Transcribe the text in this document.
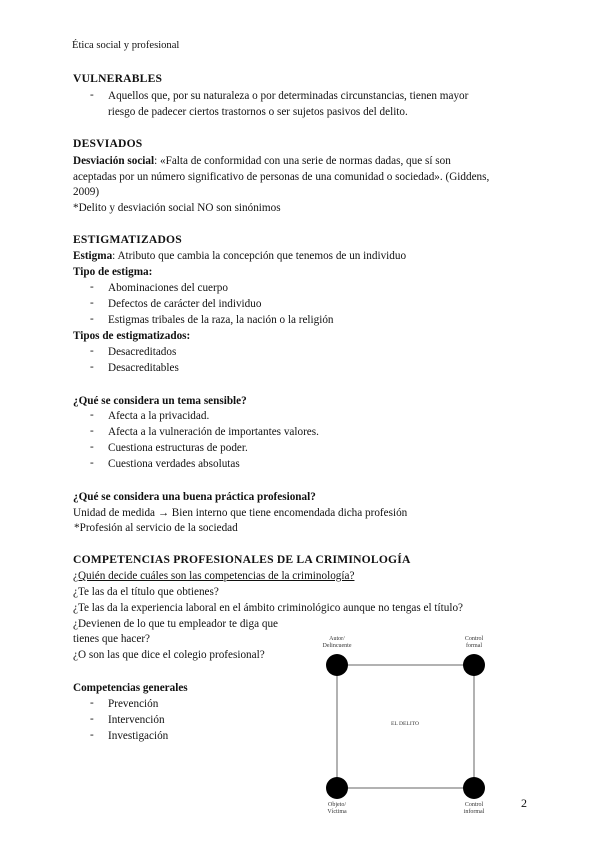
Ética social y profesional
VULNERABLES
- Aquellos que, por su naturaleza o por determinadas circunstancias, tienen mayor
riesgo de padecer ciertos trastornos o ser sujetos pasivos del delito.
DESVIADOS
Desviación social: «Falta de conformidad con una serie de normas dadas, que sí son
aceptadas por un número significativo de personas de una comunidad o sociedad». (Giddens,
2009)
*Delito y desviación social NO son sinónimos
ESTIGMATIZADOS
Estigma: Atributo que cambia la concepción que tenemos de un individuo
Tipo de estigma:
- Abominaciones del cuerpo
- Defectos de carácter del individuo
- Estigmas tribales de la raza, la nación o la religión
Tipos de estigmatizados:
- Desacreditados
- Desacreditables
¿Qué se considera un tema sensible?
- Afecta a la privacidad.
- Afecta a la vulneración de importantes valores.
- Cuestiona estructuras de poder.
- Cuestiona verdades absolutas
¿Qué se considera una buena práctica profesional?
Unidad de medida → Bien interno que tiene encomendada dicha profesión
*Profesión al servicio de la sociedad
COMPETENCIAS PROFESIONALES DE LA CRIMINOLOGÍA
¿Quién decide cuáles son las competencias de la criminología?
¿Te las da el título que obtienes?
¿Te las da la experiencia laboral en el ámbito criminológico aunque no tengas el título?
¿Devienen de lo que tu empleador te diga que
tienes que hacer?
¿O son las que dice el colegio profesional?
Competencias generales
- Prevención
- Intervención
- Investigación
Autor/
Delincuente
Control
formal
EL DELITO
Objeto/
Víctima
Control
informal
2
